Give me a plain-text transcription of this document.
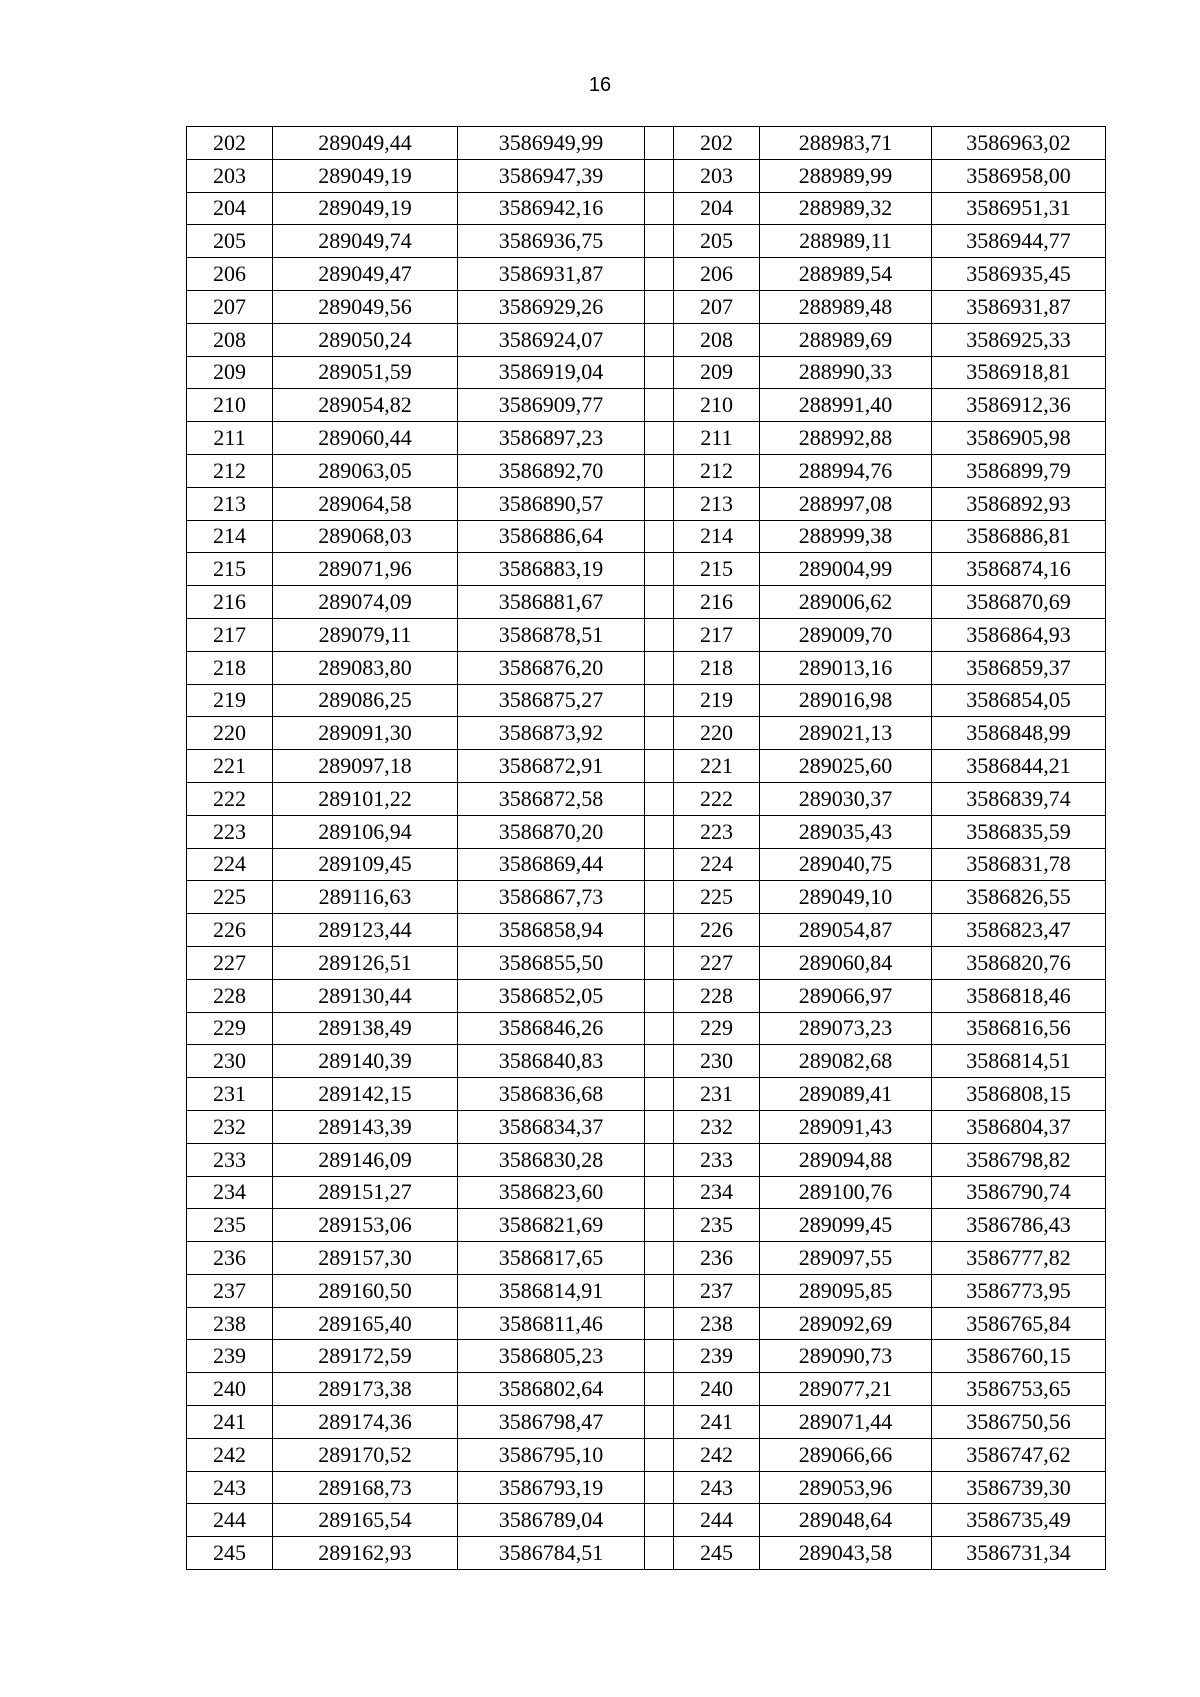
16
202	289049,44	3586949,99		202	288983,71	3586963,02
203	289049,19	3586947,39		203	288989,99	3586958,00
204	289049,19	3586942,16		204	288989,32	3586951,31
205	289049,74	3586936,75		205	288989,11	3586944,77
206	289049,47	3586931,87		206	288989,54	3586935,45
207	289049,56	3586929,26		207	288989,48	3586931,87
208	289050,24	3586924,07		208	288989,69	3586925,33
209	289051,59	3586919,04		209	288990,33	3586918,81
210	289054,82	3586909,77		210	288991,40	3586912,36
211	289060,44	3586897,23		211	288992,88	3586905,98
212	289063,05	3586892,70		212	288994,76	3586899,79
213	289064,58	3586890,57		213	288997,08	3586892,93
214	289068,03	3586886,64		214	288999,38	3586886,81
215	289071,96	3586883,19		215	289004,99	3586874,16
216	289074,09	3586881,67		216	289006,62	3586870,69
217	289079,11	3586878,51		217	289009,70	3586864,93
218	289083,80	3586876,20		218	289013,16	3586859,37
219	289086,25	3586875,27		219	289016,98	3586854,05
220	289091,30	3586873,92		220	289021,13	3586848,99
221	289097,18	3586872,91		221	289025,60	3586844,21
222	289101,22	3586872,58		222	289030,37	3586839,74
223	289106,94	3586870,20		223	289035,43	3586835,59
224	289109,45	3586869,44		224	289040,75	3586831,78
225	289116,63	3586867,73		225	289049,10	3586826,55
226	289123,44	3586858,94		226	289054,87	3586823,47
227	289126,51	3586855,50		227	289060,84	3586820,76
228	289130,44	3586852,05		228	289066,97	3586818,46
229	289138,49	3586846,26		229	289073,23	3586816,56
230	289140,39	3586840,83		230	289082,68	3586814,51
231	289142,15	3586836,68		231	289089,41	3586808,15
232	289143,39	3586834,37		232	289091,43	3586804,37
233	289146,09	3586830,28		233	289094,88	3586798,82
234	289151,27	3586823,60		234	289100,76	3586790,74
235	289153,06	3586821,69		235	289099,45	3586786,43
236	289157,30	3586817,65		236	289097,55	3586777,82
237	289160,50	3586814,91		237	289095,85	3586773,95
238	289165,40	3586811,46		238	289092,69	3586765,84
239	289172,59	3586805,23		239	289090,73	3586760,15
240	289173,38	3586802,64		240	289077,21	3586753,65
241	289174,36	3586798,47		241	289071,44	3586750,56
242	289170,52	3586795,10		242	289066,66	3586747,62
243	289168,73	3586793,19		243	289053,96	3586739,30
244	289165,54	3586789,04		244	289048,64	3586735,49
245	289162,93	3586784,51		245	289043,58	3586731,34
